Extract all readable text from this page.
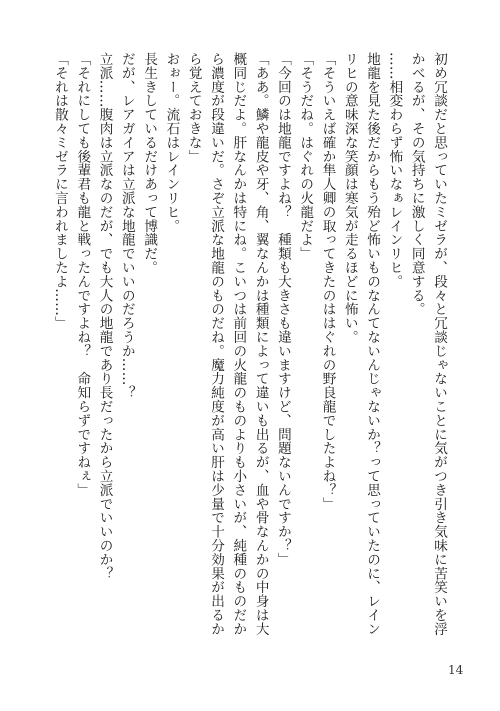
初め冗談だと思っていたミゼラが、段々と冗談じゃないことに気がつき引き気味に苦笑いを浮かべるが、その気持ちに激しく同意する。
……相変わらず怖いなぁレインリヒ。
地龍を見た後だからもう殆ど怖いものなんてないんじゃないか？って思っていたのに、レインリヒの意味深な笑顔は寒気が走るほどに怖い。
「そういえば確か隼人卿の取ってきたのははぐれの野良龍でしたよね？」
「そうだね。はぐれの火龍だよ」
「今回のは地龍ですよね？　種類も大きさも違いますけど、問題ないんですか？」
「ああ。鱗や龍皮や牙、角、翼なんかは種類によって違いも出るが、血や骨なんかの中身は大概同じだよ。肝なんかは特にね。こいつは前回の火龍のものよりも小さいが、純種のものだから濃度が段違いだ。さぞ立派な地龍のものだね。魔力純度が高い肝は少量で十分効果が出るから覚えておきな」
おぉー。流石はレインリヒ。
長生きしているだけあって博識だ。
だが、レアガイアは立派な地龍でいいのだろうか……？
立派……腹肉は立派なのだが、でも大人の地龍であり長だったから立派でいいのか？
「それにしても後輩君も龍と戦ったんですよね？　命知らずですねぇ」
「それは散々ミゼラに言われましたよ……」
14
